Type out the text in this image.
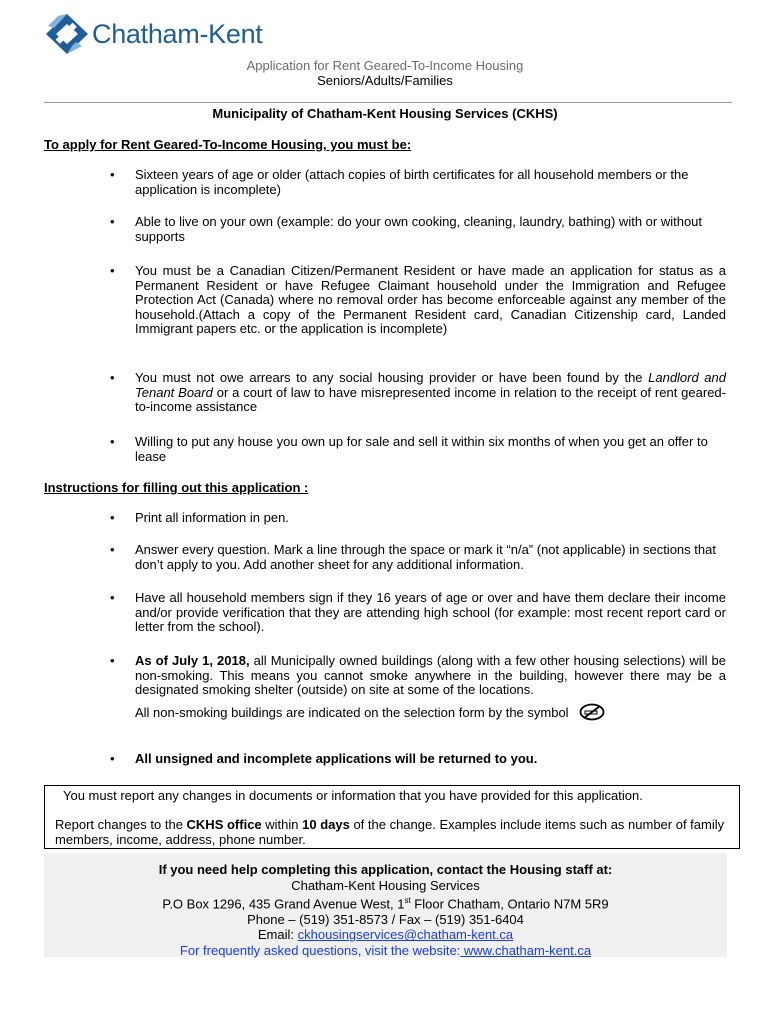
Chatham-Kent
Application for Rent Geared-To-Income Housing
Seniors/Adults/Families
Municipality of Chatham-Kent Housing Services (CKHS)
To apply for Rent Geared-To-Income Housing, you must be:
•	Sixteen years of age or older (attach copies of birth certificates for all household members or the application is incomplete)
•	Able to live on your own (example: do your own cooking, cleaning, laundry, bathing) with or without supports
•	You must be a Canadian Citizen/Permanent Resident or have made an application for status as a Permanent Resident or have Refugee Claimant household under the Immigration and Refugee Protection Act (Canada) where no removal order has become enforceable against any member of the household.(Attach a copy of the Permanent Resident card, Canadian Citizenship card, Landed Immigrant papers etc. or the application is incomplete)
•	You must not owe arrears to any social housing provider or have been found by the Landlord and Tenant Board or a court of law to have misrepresented income in relation to the receipt of rent geared-to-income assistance
•	Willing to put any house you own up for sale and sell it within six months of when you get an offer to lease
Instructions for filling out this application :
•	Print all information in pen.
•	Answer every question. Mark a line through the space or mark it “n/a” (not applicable) in sections that don’t apply to you. Add another sheet for any additional information.
•	Have all household members sign if they 16 years of age or over and have them declare their income and/or provide verification that they are attending high school (for example: most recent report card or letter from the school).
•	As of July 1, 2018, all Municipally owned buildings (along with a few other housing selections) will be non-smoking. This means you cannot smoke anywhere in the building, however there may be a designated smoking shelter (outside) on site at some of the locations.
All non-smoking buildings are indicated on the selection form by the symbol
•	All unsigned and incomplete applications will be returned to you.
You must report any changes in documents or information that you have provided for this application.
Report changes to the CKHS office within 10 days of the change. Examples include items such as number of family members, income, address, phone number.
If you need help completing this application, contact the Housing staff at:
Chatham-Kent Housing Services
P.O Box 1296, 435 Grand Avenue West, 1st Floor Chatham, Ontario N7M 5R9
Phone – (519) 351-8573 / Fax – (519) 351-6404
Email: ckhousingservices@chatham-kent.ca
For frequently asked questions, visit the website: www.chatham-kent.ca
